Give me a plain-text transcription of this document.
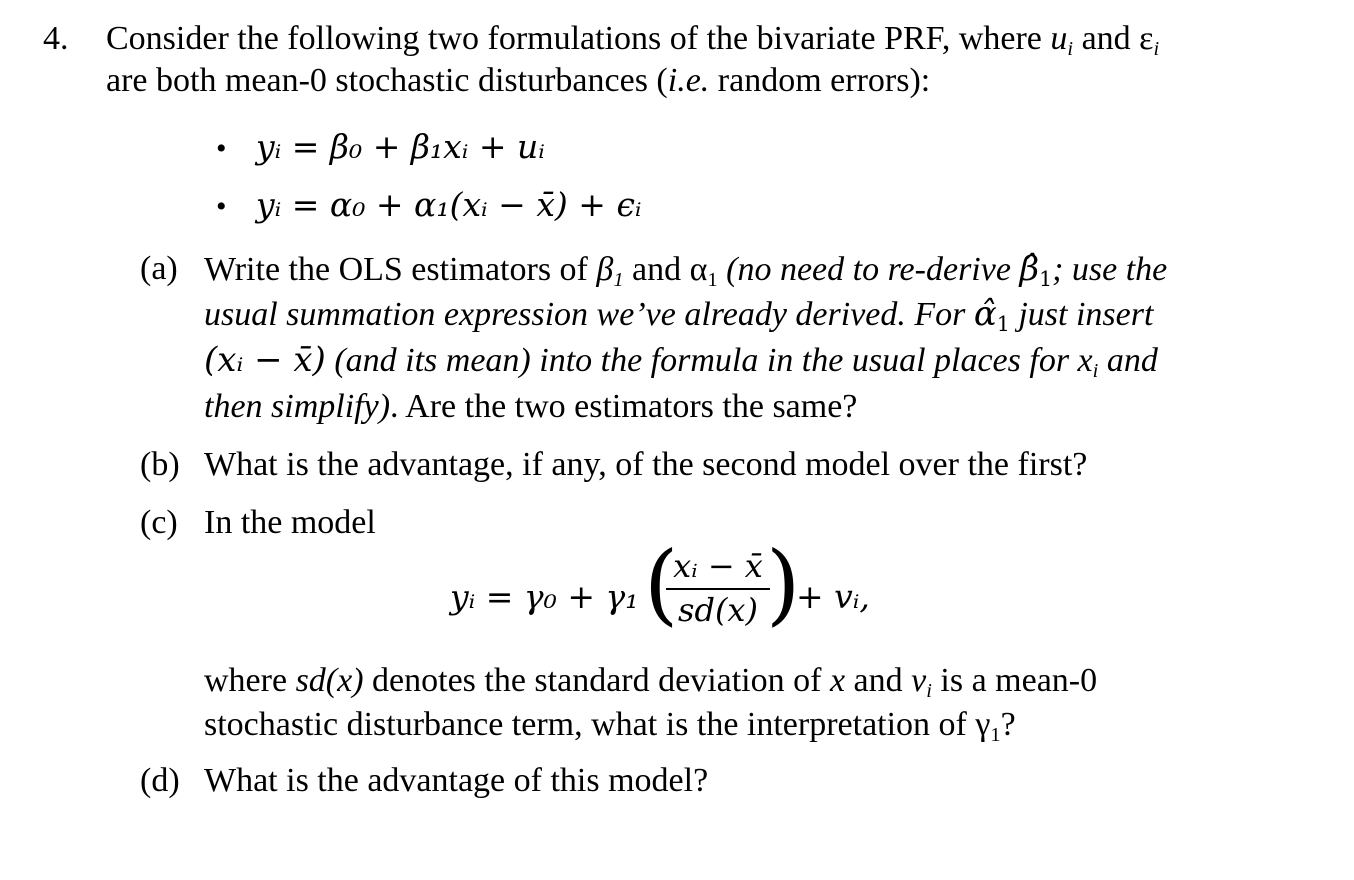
4. Consider the following two formulations of the bivariate PRF, where $u_i$ and $\varepsilon_i$
are both mean-0 stochastic disturbances (i.e. random errors):
• yᵢ = β₀ + β₁xᵢ + uᵢ
• yᵢ = α₀ + α₁(xᵢ − x̄) + ϵᵢ
(a) Write the OLS estimators of $\beta_1$ and $\alpha_1$ (no need to re-derive $\betâ_1$; use the
usual summation expression we’ve already derived. For $\alphâ_1$ just insert
(xᵢ − x̄) (and its mean) into the formula in the usual places for $x_i$ and
then simplify). Are the two estimators the same?
(b) What is the advantage, if any, of the second model over the first?
(c) In the model
yᵢ = γ₀ + γ₁ (
xᵢ − x̄
sd(x) )
+ vᵢ,
where sd(x) denotes the standard deviation of x and $v_i$ is a mean-0
stochastic disturbance term, what is the interpretation of $\gamma_1$?
(d) What is the advantage of this model?
